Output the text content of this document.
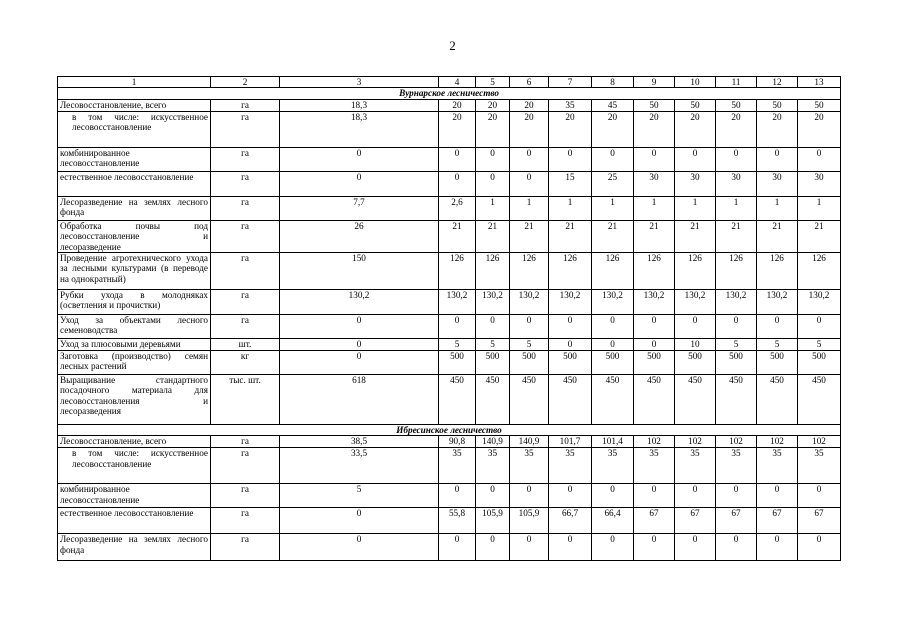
2
1	2	3	4	5	6	7	8	9	10	11	12	13
Вурнарское лесничество												
Лесовосстановление, всего	га	18,3	20	20	20	35	45	50	50	50	50	50
в том числе: искусственное лесовосстановление	га	18,3	20	20	20	20	20	20	20	20	20	20
комбинированное лесовосстановление	га	0	0	0	0	0	0	0	0	0	0	0
естественное лесовосстановление	га	0	0	0	0	15	25	30	30	30	30	30
Лесоразведение на землях лесного фонда	га	7,7	2,6	1	1	1	1	1	1	1	1	1
Обработка почвы под лесовосстановление и лесоразведение	га	26	21	21	21	21	21	21	21	21	21	21
Проведение агротехнического ухода за лесными культурами (в переводе на однократный)	га	150	126	126	126	126	126	126	126	126	126	126
Рубки ухода в молодняках (осветления и прочистки)	га	130,2	130,2	130,2	130,2	130,2	130,2	130,2	130,2	130,2	130,2	130,2
Уход за объектами лесного семеноводства	га	0	0	0	0	0	0	0	0	0	0	0
Уход за плюсовыми деревьями	шт.	0	5	5	5	0	0	0	10	5	5	5
Заготовка (производство) семян лесных растений	кг	0	500	500	500	500	500	500	500	500	500	500
Выращивание стандартного посадочного материала для лесовосстановления и лесоразведения	тыс. шт.	618	450	450	450	450	450	450	450	450	450	450
Ибресинское лесничество												
Лесовосстановление, всего	га	38,5	90,8	140,9	140,9	101,7	101,4	102	102	102	102	102
в том числе: искусственное лесовосстановление	га	33,5	35	35	35	35	35	35	35	35	35	35
комбинированное лесовосстановление	га	5	0	0	0	0	0	0	0	0	0	0
естественное лесовосстановление	га	0	55,8	105,9	105,9	66,7	66,4	67	67	67	67	67
Лесоразведение на землях лесного фонда	га	0	0	0	0	0	0	0	0	0	0	0
